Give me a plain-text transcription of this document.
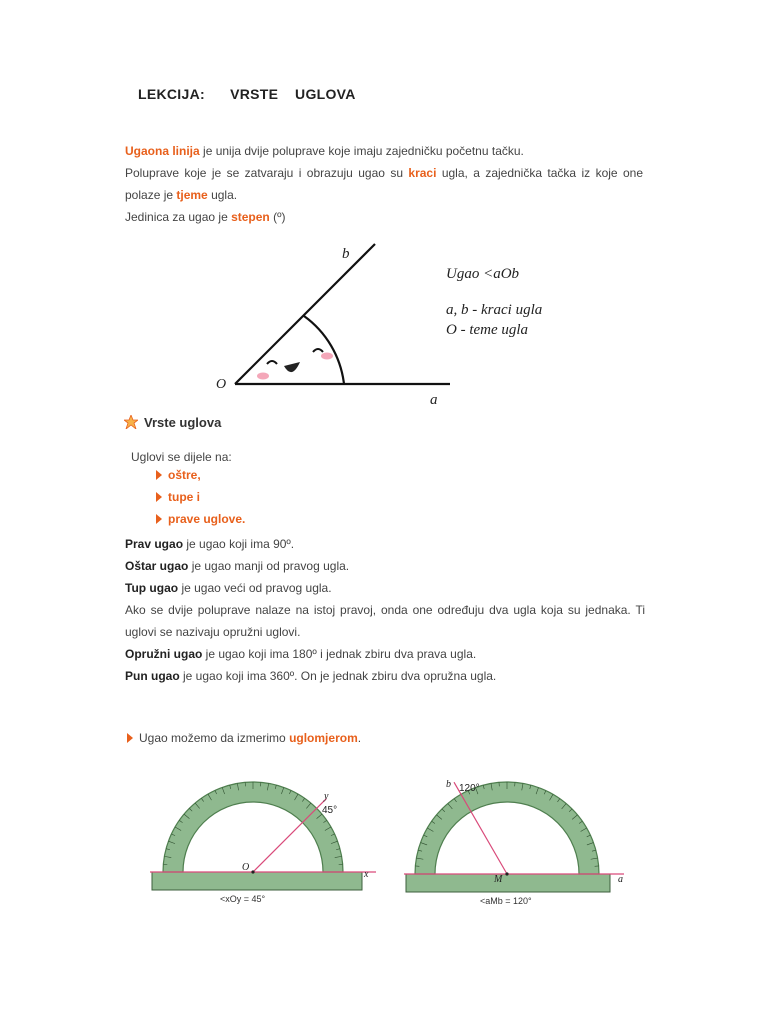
LEKCIJA:      VRSTE    UGLOVA
Ugaona linija je unija dvije poluprave koje imaju zajedničku početnu tačku.
Poluprave koje je se zatvaraju i obrazuju ugao su kraci ugla, a zajednička tačka iz koje one polaze je tjeme ugla.
Jedinica za ugao je stepen (º)
b
O
a
Ugao <aOb
a, b - kraci ugla
O - teme ugla
Vrste uglova
Uglovi se dijele na:
oštre,
tupe i
prave uglove.
Prav ugao je ugao koji ima 90º.
Oštar ugao je ugao manji od pravog ugla.
Tup ugao je ugao veći od pravog ugla.
Ako se dvije poluprave nalaze na istoj pravoj, onda one određuju dva ugla koja su jednaka. Ti uglovi se nazivaju opružni uglovi.
Opružni ugao je ugao koji ima 180º i jednak zbiru dva prava ugla.
Pun ugao je ugao koji ima 360º. On je jednak zbiru dva opružna ugla.
Ugao možemo da izmerimo uglomjerom.
O
y
45°
x
<xOy = 45°
M
b 120°
a
<aMb = 120°
